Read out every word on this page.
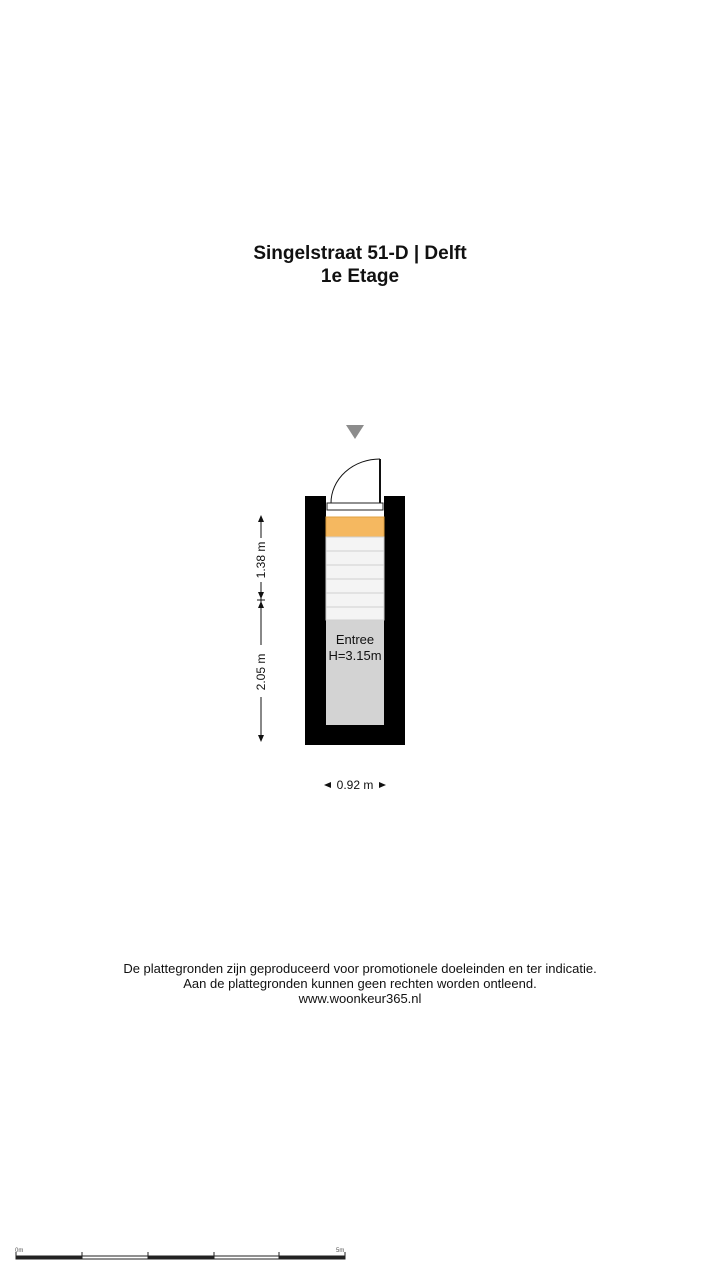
Singelstraat 51-D | Delft
1e Etage
Entree
H=3.15m
1.38 m
2.05 m
0.92 m
0m	5m
De plattegronden zijn geproduceerd voor promotionele doeleinden en ter indicatie.
Aan de plattegronden kunnen geen rechten worden ontleend.
www.woonkeur365.nl
